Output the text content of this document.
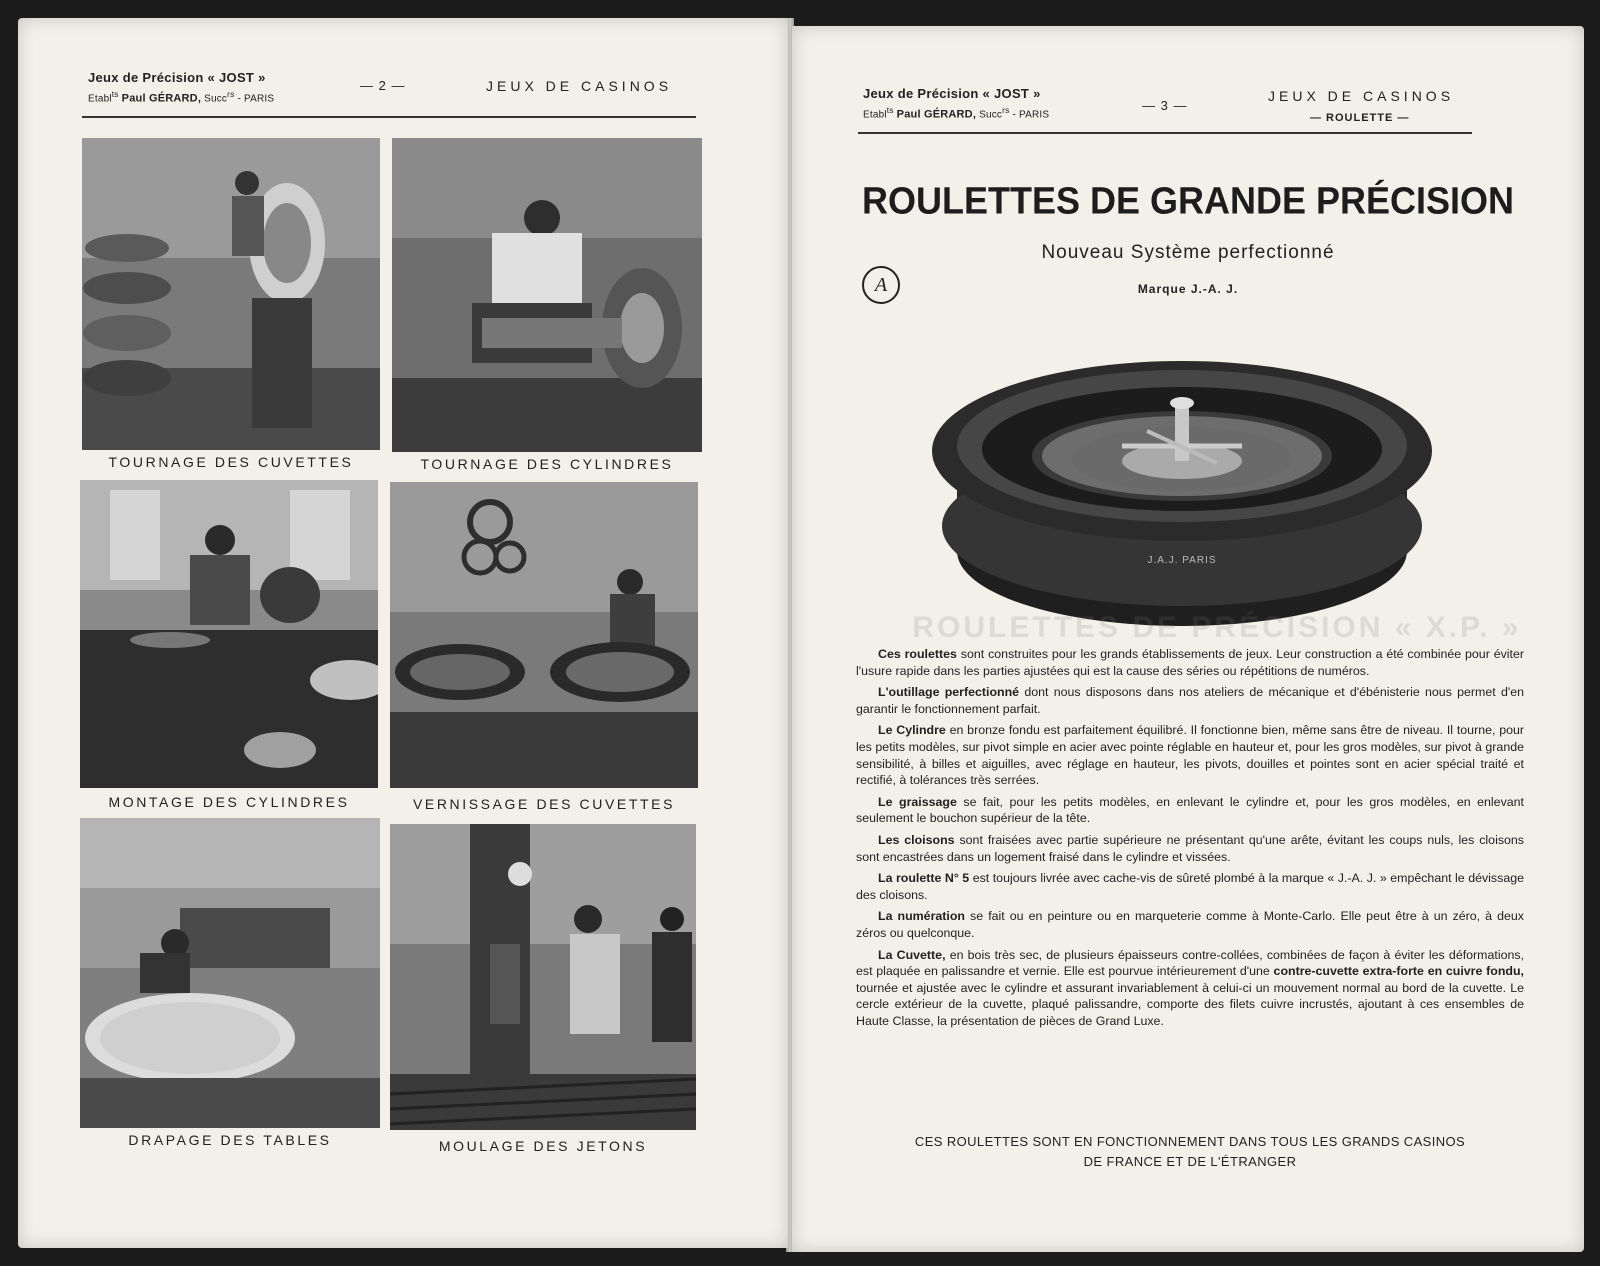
Jeux de Précision « JOST »
Etabl$^{ts}$ Paul GÉRARD, Succ$^{rs}$ - PARIS
— 2 —	JEUX DE CASINOS
TOURNAGE DES CUVETTES	TOURNAGE DES CYLINDRES
MONTAGE DES CYLINDRES	VERNISSAGE DES CUVETTES
DRAPAGE DES TABLES	MOULAGE DES JETONS
Jeux de Précision « JOST »
Etabl$^{ts}$ Paul GÉRARD, Succ$^{rs}$ - PARIS
— 3 —
JEUX DE CASINOS
— ROULETTE —
ROULETTES DE GRANDE PRÉCISION
Nouveau Système perfectionné
A	Marque J.-A. J.
J.A.J. PARIS
ROULETTES DE PRÉCISION « X.P. »

Ces roulettes sont construites pour les grands établissements de jeux. Leur construction a été combinée pour éviter l'usure rapide dans les parties ajustées qui est la cause des séries ou répétitions de numéros.

L'outillage perfectionné dont nous disposons dans nos ateliers de mécanique et d'ébénisterie nous permet d'en garantir le fonctionnement parfait.

Le Cylindre en bronze fondu est parfaitement équilibré. Il fonctionne bien, même sans être de niveau. Il tourne, pour les petits modèles, sur pivot simple en acier avec pointe réglable en hauteur et, pour les gros modèles, sur pivot à grande sensibilité, à billes et aiguilles, avec réglage en hauteur, les pivots, douilles et pointes sont en acier spécial traité et rectifié, à tolérances très serrées.

Le graissage se fait, pour les petits modèles, en enlevant le cylindre et, pour les gros modèles, en enlevant seulement le bouchon supérieur de la tête.

Les cloisons sont fraisées avec partie supérieure ne présentant qu'une arête, évitant les coups nuls, les cloisons sont encastrées dans un logement fraisé dans le cylindre et vissées.

La roulette N° 5 est toujours livrée avec cache-vis de sûreté plombé à la marque « J.-A. J. » empêchant le dévissage des cloisons.

La numération se fait ou en peinture ou en marqueterie comme à Monte-Carlo. Elle peut être à un zéro, à deux zéros ou quelconque.

La Cuvette, en bois très sec, de plusieurs épaisseurs contre-collées, combinées de façon à éviter les déformations, est plaquée en palissandre et vernie. Elle est pourvue intérieurement d'une contre-cuvette extra-forte en cuivre fondu, tournée et ajustée avec le cylindre et assurant invariablement à celui-ci un mouvement normal au bord de la cuvette. Le cercle extérieur de la cuvette, plaqué palissandre, comporte des filets cuivre incrustés, ajoutant à ces ensembles de Haute Classe, la présentation de pièces de Grand Luxe.

CES ROULETTES SONT EN FONCTIONNEMENT DANS TOUS LES GRANDS CASINOS
DE FRANCE ET DE L'ÉTRANGER
